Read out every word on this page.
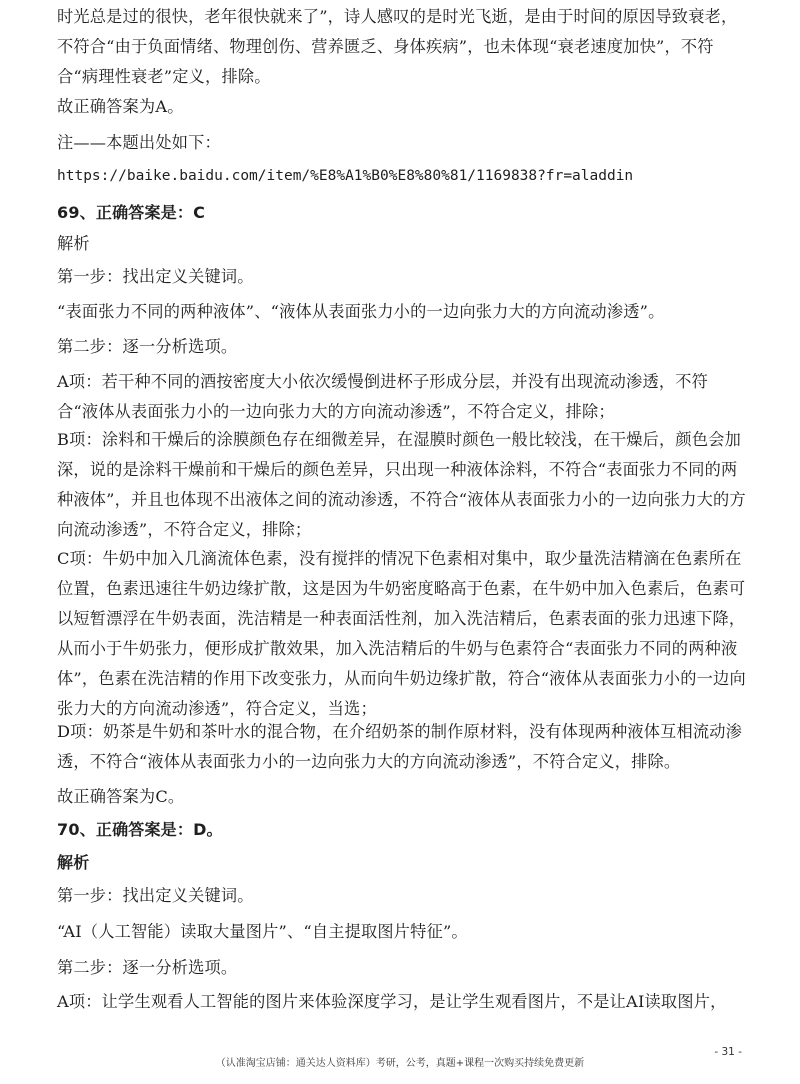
时光总是过的很快，老年很快就来了”，诗人感叹的是时光飞逝，是由于时间的原因导致衰老，不符合“由于负面情绪、物理创伤、营养匮乏、身体疾病”，也未体现“衰老速度加快”，不符合“病理性衰老”定义，排除。

故正确答案为A。

注——本题出处如下：

https://baike.baidu.com/item/%E8%A1%B0%E8%80%81/1169838?fr=aladdin

69、正确答案是：C

解析

第一步：找出定义关键词。

“表面张力不同的两种液体”、“液体从表面张力小的一边向张力大的方向流动渗透”。

第二步：逐一分析选项。

A项：若干种不同的酒按密度大小依次缓慢倒进杯子形成分层，并没有出现流动渗透，不符合“液体从表面张力小的一边向张力大的方向流动渗透”，不符合定义，排除；

B项：涂料和干燥后的涂膜颜色存在细微差异，在湿膜时颜色一般比较浅，在干燥后，颜色会加深，说的是涂料干燥前和干燥后的颜色差异，只出现一种液体涂料，不符合“表面张力不同的两种液体”，并且也体现不出液体之间的流动渗透，不符合“液体从表面张力小的一边向张力大的方向流动渗透”，不符合定义，排除；

C项：牛奶中加入几滴流体色素，没有搅拌的情况下色素相对集中，取少量洗洁精滴在色素所在位置，色素迅速往牛奶边缘扩散，这是因为牛奶密度略高于色素，在牛奶中加入色素后，色素可以短暂漂浮在牛奶表面，洗洁精是一种表面活性剂，加入洗洁精后，色素表面的张力迅速下降，从而小于牛奶张力，便形成扩散效果，加入洗洁精后的牛奶与色素符合“表面张力不同的两种液体”，色素在洗洁精的作用下改变张力，从而向牛奶边缘扩散，符合“液体从表面张力小的一边向张力大的方向流动渗透”，符合定义，当选；

D项：奶茶是牛奶和茶叶水的混合物，在介绍奶茶的制作原材料，没有体现两种液体互相流动渗透，不符合“液体从表面张力小的一边向张力大的方向流动渗透”，不符合定义，排除。

故正确答案为C。

70、正确答案是：D。

解析

第一步：找出定义关键词。

“AI（人工智能）读取大量图片”、“自主提取图片特征”。

第二步：逐一分析选项。

A项：让学生观看人工智能的图片来体验深度学习，是让学生观看图片，不是让AI读取图片，

- 31 -
（认准淘宝店铺：通关达人资料库）考研，公考，真题+课程一次购买持续免费更新
